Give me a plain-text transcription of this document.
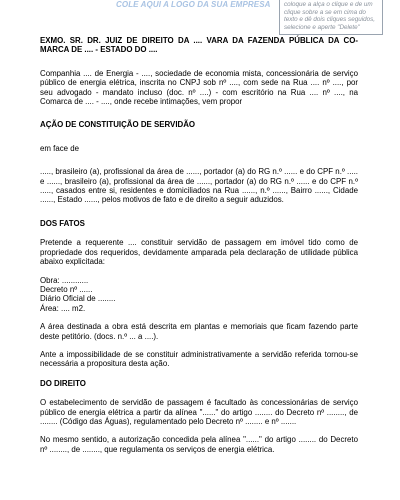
COLE AQUI A LOGO DA SUA EMPRESA	coloque a alça o clique e de um clique sobre a se em cima do texto e dê dois cliques seguidos, selecione e aperte "Delete"

EXMO. SR. DR. JUIZ DE DIREITO DA .... VARA DA FAZENDA PÚBLICA DA CO-MARCA DE .... - ESTADO DO ....

Companhia .... de Energia - ...., sociedade de economia mista, concessionária de serviço público de energia elétrica, inscrita no CNPJ sob nº ...., com sede na Rua .... nº ...., por seu advogado - mandato incluso (doc. nº ....) - com escritório na Rua .... nº ...., na Comarca de .... - ...., onde recebe intimações, vem propor

AÇÃO DE CONSTITUIÇÃO DE SERVIDÃO

em face de

....., brasileiro (a), profissional da área de ......, portador (a) do RG n.º ...... e do CPF n.º ..... e ......, brasileiro (a), profissional da área de ......, portador (a) do RG n.º ...... e do CPF n.º ....., casados entre si, residentes e domiciliados na Rua ......, n.º ......, Bairro ......, Cidade ......, Estado ......, pelos motivos de fato e de direito a seguir aduzidos.

DOS FATOS

Pretende a requerente .... constituir servidão de passagem em imóvel tido como de propriedade dos requeridos, devidamente amparada pela declaração de utilidade pública abaixo explicitada:

Obra: ............

Decreto nº ......

Diário Oficial de ........

Área: .... m2.

A área destinada a obra está descrita em plantas e memoriais que ficam fazendo parte deste petitório. (docs. n.º ... a ....).

Ante a impossibilidade de se constituir administrativamente a servidão referida tornou-se necessária a propositura desta ação.

DO DIREITO

O estabelecimento de servidão de passagem é facultado às concessionárias de serviço público de energia elétrica a partir da alínea "......" do artigo ........ do Decreto nº ........, de ........ (Código das Águas), regulamentado pelo Decreto nº ........ e nº .......

No mesmo sentido, a autorização concedida pela alínea "......" do artigo ........ do Decreto nº ........, de ........, que regulamenta os serviços de energia elétrica.
